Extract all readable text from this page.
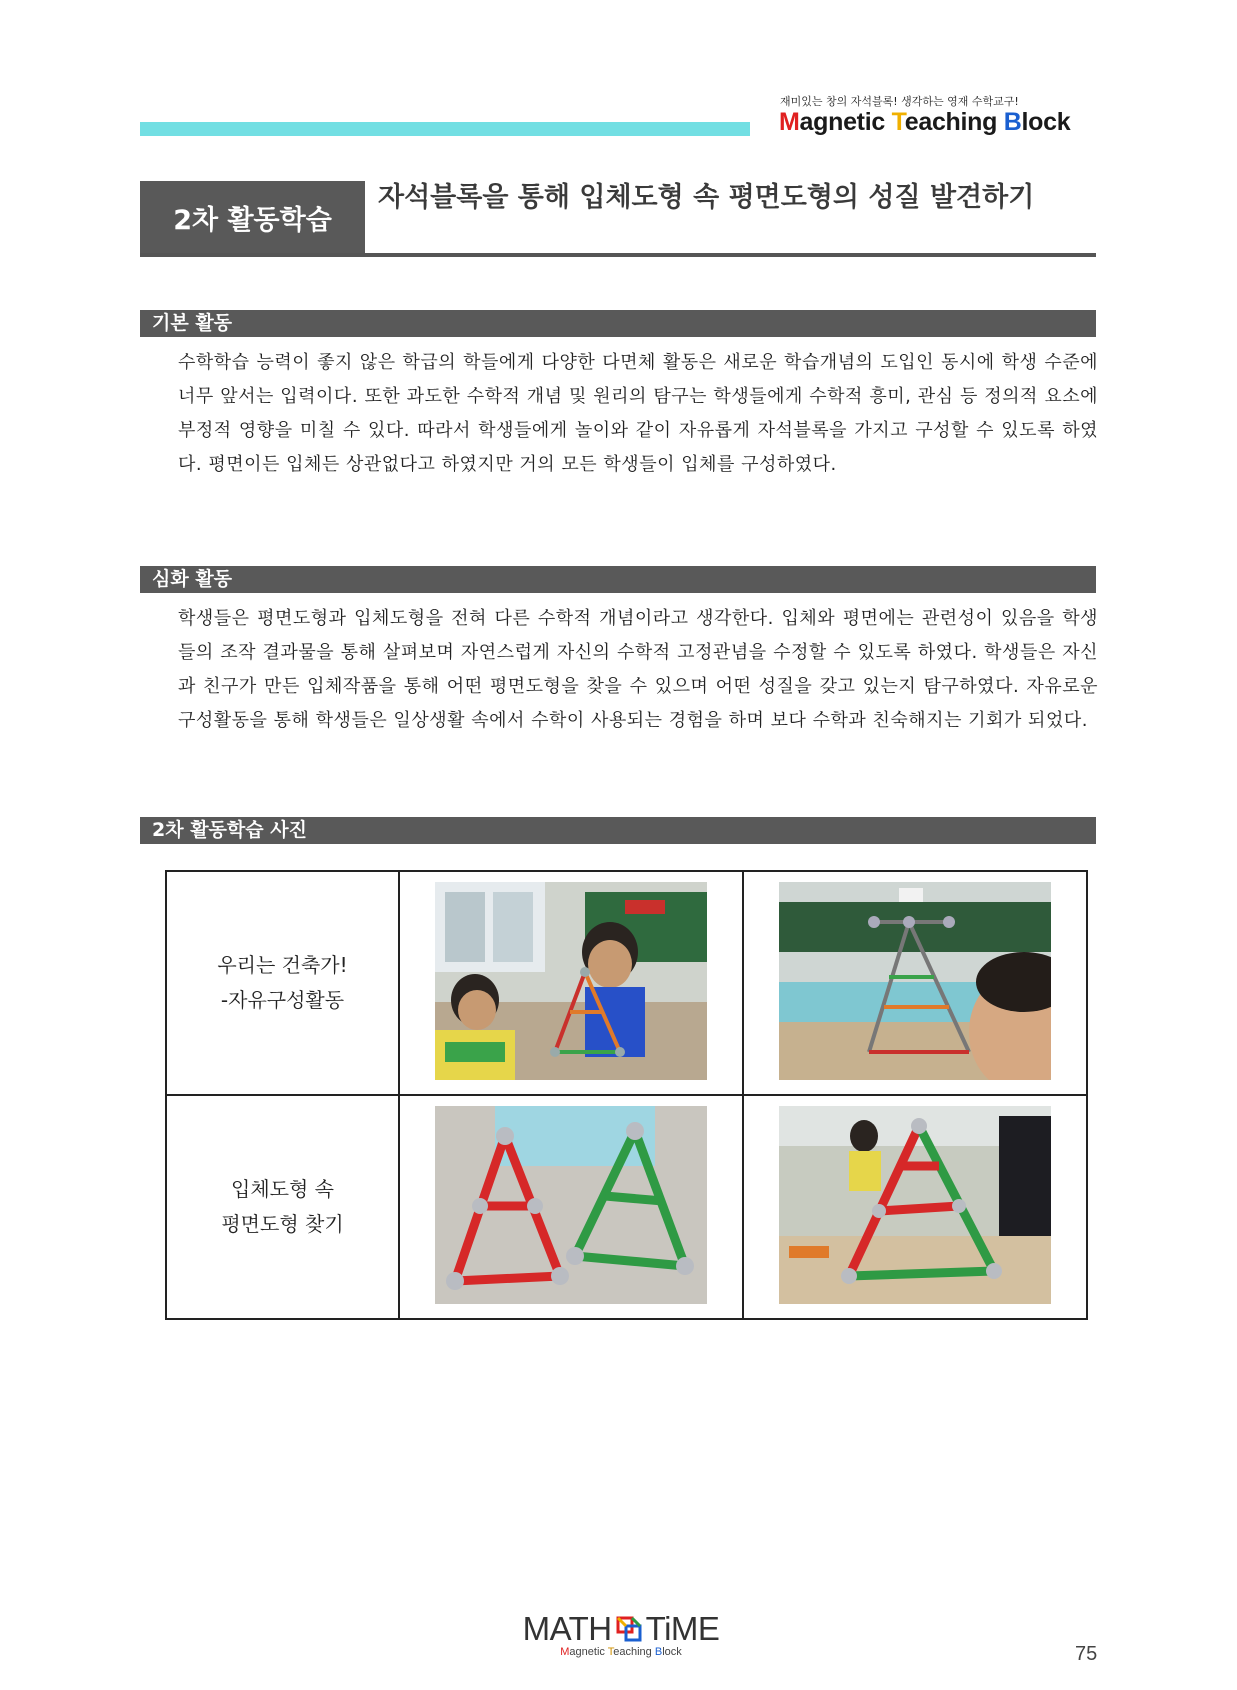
재미있는 창의 자석블록! 생각하는 영재 수학교구!
Magnetic Teaching Block
2차 활동학습
자석블록을 통해 입체도형 속 평면도형의 성질 발견하기
기본 활동
수학학습 능력이 좋지 않은 학급의 학들에게 다양한 다면체 활동은 새로운 학습개념의 도입인 동시에 학생 수준에 너무 앞서는 입력이다. 또한 과도한 수학적 개념 및 원리의 탐구는 학생들에게 수학적 흥미, 관심 등 정의적 요소에 부정적 영향을 미칠 수 있다. 따라서 학생들에게 놀이와 같이 자유롭게 자석블록을 가지고 구성할 수 있도록 하였다. 평면이든 입체든 상관없다고 하였지만 거의 모든 학생들이 입체를 구성하였다.
심화 활동
학생들은 평면도형과 입체도형을 전혀 다른 수학적 개념이라고 생각한다. 입체와 평면에는 관련성이 있음을 학생들의 조작 결과물을 통해 살펴보며 자연스럽게 자신의 수학적 고정관념을 수정할 수 있도록 하였다. 학생들은 자신과 친구가 만든 입체작품을 통해 어떤 평면도형을 찾을 수 있으며 어떤 성질을 갖고 있는지 탐구하였다. 자유로운 구성활동을 통해 학생들은 일상생활 속에서 수학이 사용되는 경험을 하며 보다 수학과 친숙해지는 기회가 되었다.
2차 활동학습 사진
우리는 건축가!
-자유구성활동

입체도형 속
평면도형 찾기

MATH TiME
Magnetic Teaching Block	75
